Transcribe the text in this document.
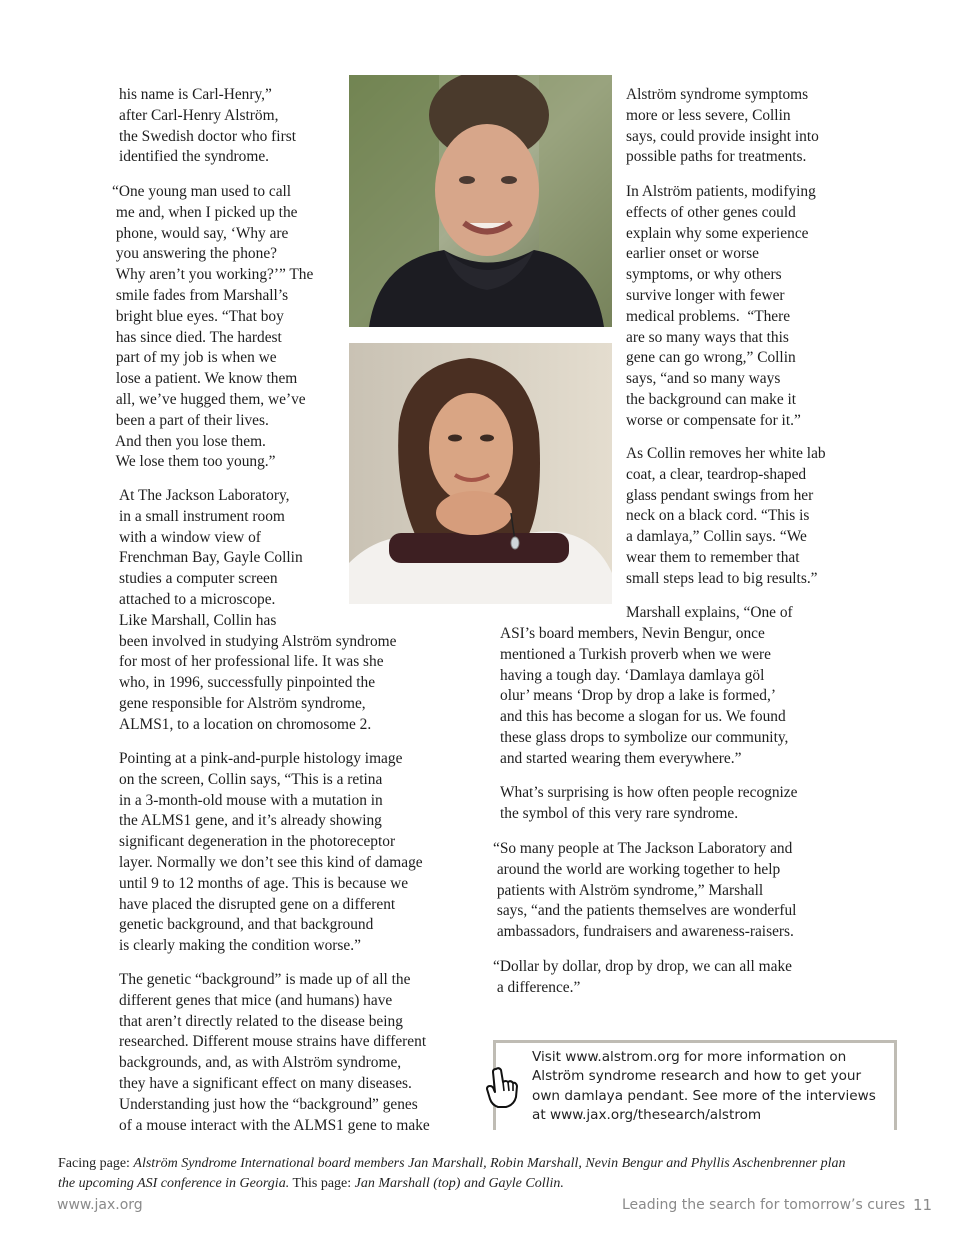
his name is Carl-Henry,”
after Carl-Henry Alström,
the Swedish doctor who first
identified the syndrome.

“One young man used to call
me and, when I picked up the
phone, would say, ‘Why are
you answering the phone?
Why aren’t you working?’” The
smile fades from Marshall’s
bright blue eyes. “That boy
has since died. The hardest
part of my job is when we
lose a patient. We know them
all, we’ve hugged them, we’ve
been a part of their lives.
And then you lose them.
We lose them too young.”

At The Jackson Laboratory,
in a small instrument room
with a window view of
Frenchman Bay, Gayle Collin
studies a computer screen
attached to a microscope.
Like Marshall, Collin has
been involved in studying Alström syndrome
for most of her professional life. It was she
who, in 1996, successfully pinpointed the
gene responsible for Alström syndrome,
ALMS1, to a location on chromosome 2.

Pointing at a pink-and-purple histology image
on the screen, Collin says, “This is a retina
in a 3-month-old mouse with a mutation in
the ALMS1 gene, and it’s already showing
significant degeneration in the photoreceptor
layer. Normally we don’t see this kind of damage
until 9 to 12 months of age. This is because we
have placed the disrupted gene on a different
genetic background, and that background
is clearly making the condition worse.”

The genetic “background” is made up of all the
different genes that mice (and humans) have
that aren’t directly related to the disease being
researched. Different mouse strains have different
backgrounds, and, as with Alström syndrome,
they have a significant effect on many diseases.
Understanding just how the “background” genes
of a mouse interact with the ALMS1 gene to make

Alström syndrome symptoms
more or less severe, Collin
says, could provide insight into
possible paths for treatments.

In Alström patients, modifying
effects of other genes could
explain why some experience
earlier onset or worse
symptoms, or why others
survive longer with fewer
medical problems.  “There
are so many ways that this
gene can go wrong,” Collin
says, “and so many ways
the background can make it
worse or compensate for it.”

As Collin removes her white lab
coat, a clear, teardrop-shaped
glass pendant swings from her
neck on a black cord. “This is
a damlaya,” Collin says. “We
wear them to remember that
small steps lead to big results.”

Marshall explains, “One of

ASI’s board members, Nevin Bengur, once
mentioned a Turkish proverb when we were
having a tough day. ‘Damlaya damlaya göl
olur’ means ‘Drop by drop a lake is formed,’
and this has become a slogan for us. We found
these glass drops to symbolize our community,
and started wearing them everywhere.”

What’s surprising is how often people recognize
the symbol of this very rare syndrome.

“So many people at The Jackson Laboratory and
around the world are working together to help
patients with Alström syndrome,” Marshall
says, “and the patients themselves are wonderful
ambassadors, fundraisers and awareness-raisers.

“Dollar by dollar, drop by drop, we can all make
a difference.”

Visit www.alstrom.org for more information on
Alström syndrome research and how to get your
own damlaya pendant. See more of the interviews
at www.jax.org/thesearch/alstrom

Facing page: Alström Syndrome International board members Jan Marshall, Robin Marshall, Nevin Bengur and Phyllis Aschenbrenner plan
the upcoming ASI conference in Georgia. This page: Jan Marshall (top) and Gayle Collin.

www.jax.org	Leading the search for tomorrow’s cures 11
